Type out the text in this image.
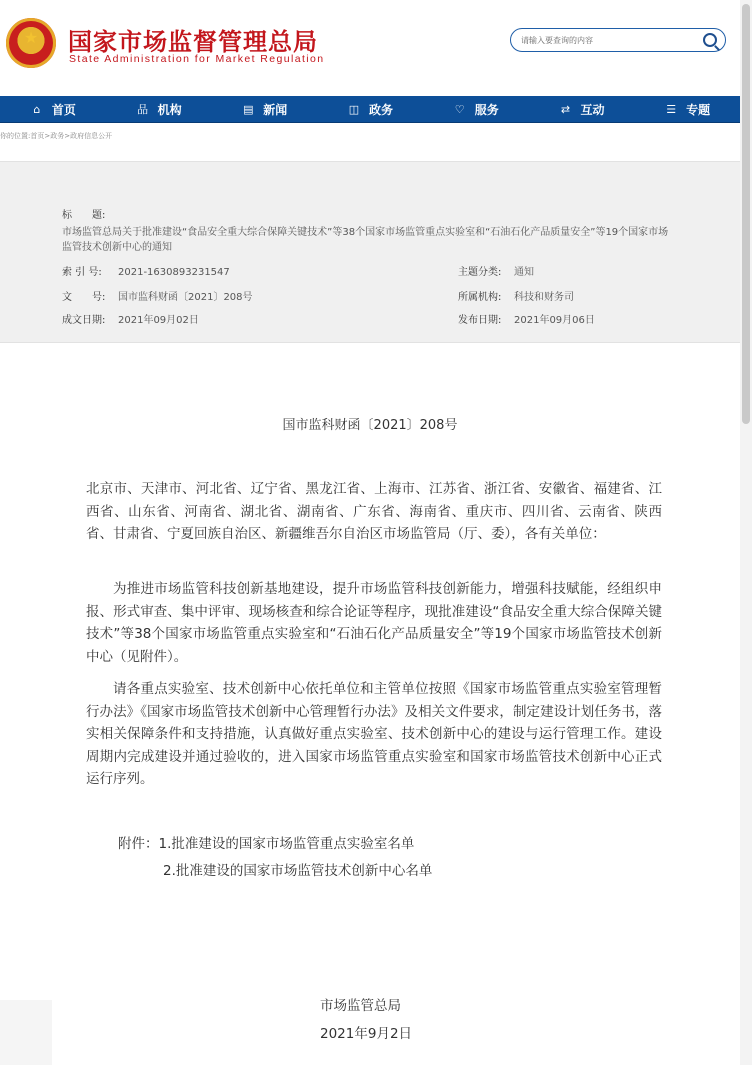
★	国家市场监督管理总局
State Administration for Market Regulation
请输入要查询的内容
⌂ 首页	品 机构	▤ 新闻	◫ 政务	♡ 服务	⇄ 互动	☰ 专题
你的位置:首页>政务>政府信息公开
标　　题:
市场监管总局关于批准建设“食品安全重大综合保障关键技术”等38个国家市场监管重点实验室和“石油石化产品质量安全”等19个国家市场监管技术创新中心的通知
索 引 号: 2021-1630893231547	主题分类: 通知
文　　号: 国市监科财函〔2021〕208号	所属机构: 科技和财务司
成文日期: 2021年09月02日	发布日期: 2021年09月06日
国市监科财函〔2021〕208号
北京市、天津市、河北省、辽宁省、黑龙江省、上海市、江苏省、浙江省、安徽省、福建省、江西省、山东省、河南省、湖北省、湖南省、广东省、海南省、重庆市、四川省、云南省、陕西省、甘肃省、宁夏回族自治区、新疆维吾尔自治区市场监管局（厅、委），各有关单位：
为推进市场监管科技创新基地建设，提升市场监管科技创新能力，增强科技赋能，经组织申报、形式审查、集中评审、现场核查和综合论证等程序，现批准建设“食品安全重大综合保障关键技术”等38个国家市场监管重点实验室和“石油石化产品质量安全”等19个国家市场监管技术创新中心（见附件）。
请各重点实验室、技术创新中心依托单位和主管单位按照《国家市场监管重点实验室管理暂行办法》《国家市场监管技术创新中心管理暂行办法》及相关文件要求，制定建设计划任务书，落实相关保障条件和支持措施，认真做好重点实验室、技术创新中心的建设与运行管理工作。建设周期内完成建设并通过验收的，进入国家市场监管重点实验室和国家市场监管技术创新中心正式运行序列。
附件：1.批准建设的国家市场监管重点实验室名单
2.批准建设的国家市场监管技术创新中心名单
市场监管总局
2021年9月2日
